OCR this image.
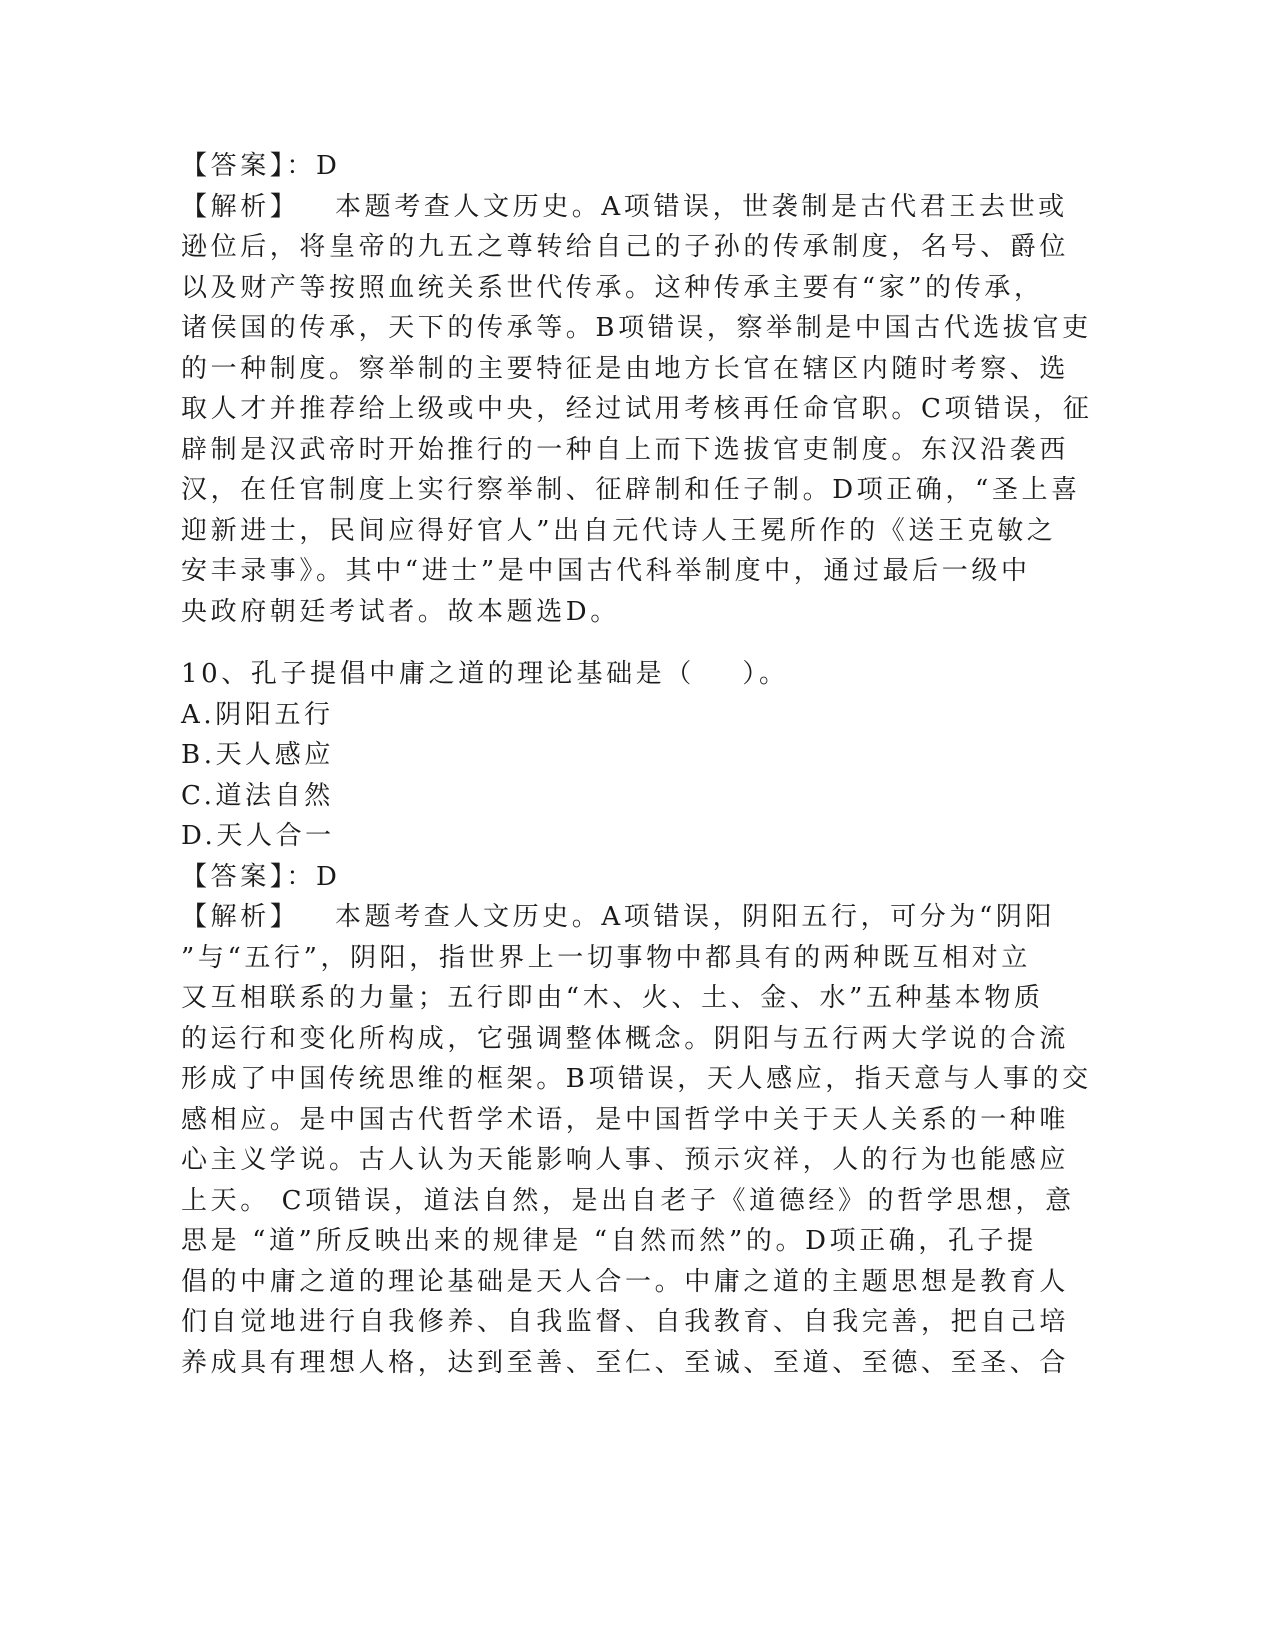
【答案】：D
【解析】   本题考查人文历史。A项错误，世袭制是古代君王去世或
逊位后，将皇帝的九五之尊转给自己的子孙的传承制度，名号、爵位
以及财产等按照血统关系世代传承。这种传承主要有“家”的传承，
诸侯国的传承，天下的传承等。B项错误，察举制是中国古代选拔官吏
的一种制度。察举制的主要特征是由地方长官在辖区内随时考察、选
取人才并推荐给上级或中央，经过试用考核再任命官职。C项错误，征
辟制是汉武帝时开始推行的一种自上而下选拔官吏制度。东汉沿袭西
汉，在任官制度上实行察举制、征辟制和任子制。D项正确，“圣上喜
迎新进士，民间应得好官人”出自元代诗人王冕所作的《送王克敏之
安丰录事》。其中“进士”是中国古代科举制度中，通过最后一级中
央政府朝廷考试者。故本题选D。
10、孔子提倡中庸之道的理论基础是（    ）。
A.阴阳五行
B.天人感应
C.道法自然
D.天人合一
【答案】：D
【解析】   本题考查人文历史。A项错误，阴阳五行，可分为“阴阳
”与“五行”，阴阳，指世界上一切事物中都具有的两种既互相对立
又互相联系的力量；五行即由“木、火、土、金、水”五种基本物质
的运行和变化所构成，它强调整体概念。阴阳与五行两大学说的合流
形成了中国传统思维的框架。B项错误，天人感应，指天意与人事的交
感相应。是中国古代哲学术语，是中国哲学中关于天人关系的一种唯
心主义学说。古人认为天能影响人事、预示灾祥，人的行为也能感应
上天。 C项错误，道法自然，是出自老子《道德经》的哲学思想，意
思是 “道”所反映出来的规律是 “自然而然”的。D项正确，孔子提
倡的中庸之道的理论基础是天人合一。中庸之道的主题思想是教育人
们自觉地进行自我修养、自我监督、自我教育、自我完善，把自己培
养成具有理想人格，达到至善、至仁、至诚、至道、至德、至圣、合
